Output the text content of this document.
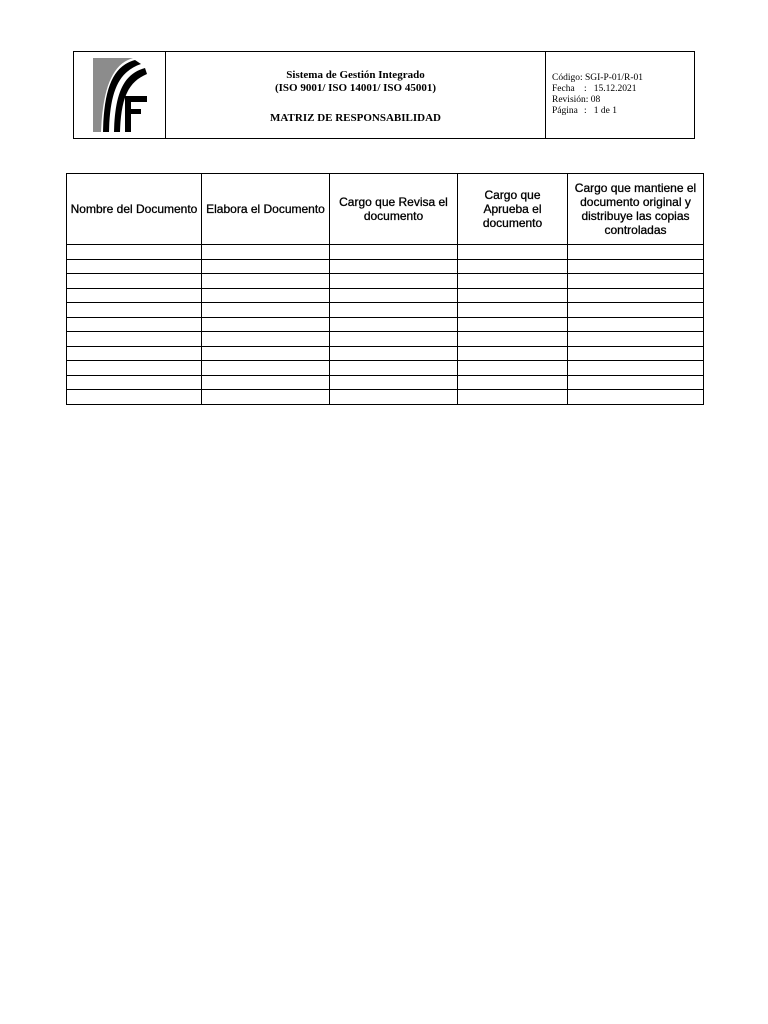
Sistema de Gestión Integrado
(ISO 9001/ ISO 14001/ ISO 45001)
MATRIZ DE RESPONSABILIDAD
Código:
SGI-P-01/R-01
Fecha :   15.12.2021
Revisión:
08
Página :   1 de 1
Nombre del Documento	Elabora el Documento	Cargo que Revisa el documento	Cargo que Aprueba el documento	Cargo que mantiene el documento original y distribuye las copias controladas
